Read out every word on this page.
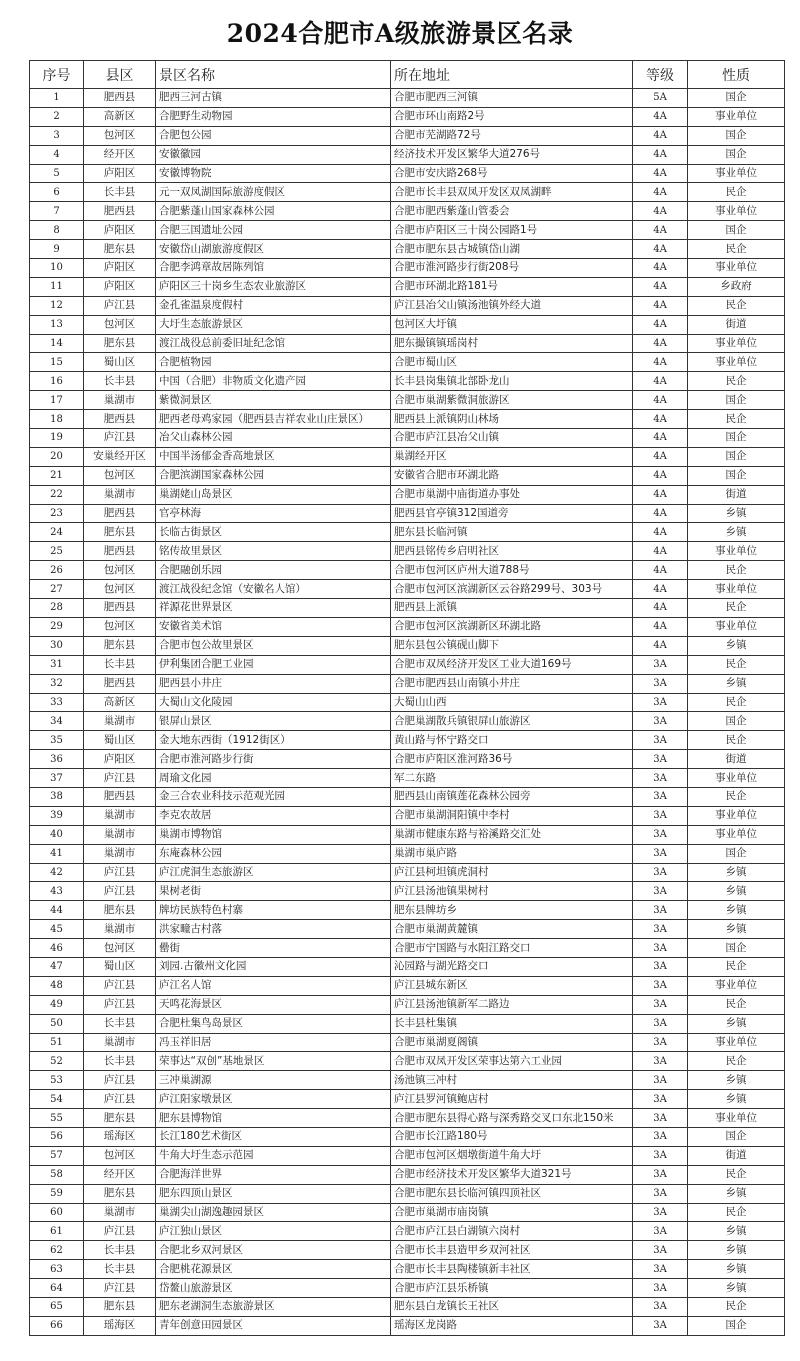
2024合肥市A级旅游景区名录
序号	县区	景区名称	所在地址	等级	性质
1	肥西县	肥西三河古镇	合肥市肥西三河镇	5A	国企
2	高新区	合肥野生动物园	合肥市环山南路2号	4A	事业单位
3	包河区	合肥包公园	合肥市芜湖路72号	4A	国企
4	经开区	安徽徽园	经济技术开发区繁华大道276号	4A	国企
5	庐阳区	安徽博物院	合肥市安庆路268号	4A	事业单位
6	长丰县	元一双凤湖国际旅游度假区	合肥市长丰县双凤开发区双凤湖畔	4A	民企
7	肥西县	合肥紫蓬山国家森林公园	合肥市肥西紫蓬山管委会	4A	事业单位
8	庐阳区	合肥三国遗址公园	合肥市庐阳区三十岗公园路1号	4A	国企
9	肥东县	安徽岱山湖旅游度假区	合肥市肥东县古城镇岱山湖	4A	民企
10	庐阳区	合肥李鸿章故居陈列馆	合肥市淮河路步行街208号	4A	事业单位
11	庐阳区	庐阳区三十岗乡生态农业旅游区	合肥市环湖北路181号	4A	乡政府
12	庐江县	金孔雀温泉度假村	庐江县冶父山镇汤池镇外经大道	4A	民企
13	包河区	大圩生态旅游景区	包河区大圩镇	4A	街道
14	肥东县	渡江战役总前委旧址纪念馆	肥东撮镇镇瑶岗村	4A	事业单位
15	蜀山区	合肥植物园	合肥市蜀山区	4A	事业单位
16	长丰县	中国（合肥）非物质文化遗产园	长丰县岗集镇北部卧龙山	4A	民企
17	巢湖市	紫微洞景区	合肥市巢湖紫微洞旅游区	4A	国企
18	肥西县	肥西老母鸡家园（肥西县吉祥农业山庄景区）	肥西县上派镇阴山林场	4A	民企
19	庐江县	冶父山森林公园	合肥市庐江县冶父山镇	4A	国企
20	安巢经开区	中国半汤郁金香高地景区	巢湖经开区	4A	国企
21	包河区	合肥滨湖国家森林公园	安徽省合肥市环湖北路	4A	国企
22	巢湖市	巢湖姥山岛景区	合肥市巢湖中庙街道办事处	4A	街道
23	肥西县	官亭林海	肥西县官亭镇312国道旁	4A	乡镇
24	肥东县	长临古街景区	肥东县长临河镇	4A	乡镇
25	肥西县	铭传故里景区	肥西县铭传乡启明社区	4A	事业单位
26	包河区	合肥融创乐园	合肥市包河区庐州大道788号	4A	民企
27	包河区	渡江战役纪念馆（安徽名人馆）	合肥市包河区滨湖新区云谷路299号、303号	4A	事业单位
28	肥西县	祥源花世界景区	肥西县上派镇	4A	民企
29	包河区	安徽省美术馆	合肥市包河区滨湖新区环湖北路	4A	事业单位
30	肥东县	合肥市包公故里景区	肥东县包公镇砚山脚下	4A	乡镇
31	长丰县	伊利集团合肥工业园	合肥市双凤经济开发区工业大道169号	3A	民企
32	肥西县	肥西县小井庄	合肥市肥西县山南镇小井庄	3A	乡镇
33	高新区	大蜀山文化陵园	大蜀山山西	3A	民企
34	巢湖市	银屏山景区	合肥巢湖散兵镇银屏山旅游区	3A	国企
35	蜀山区	金大地东西街（1912街区）	黄山路与怀宁路交口	3A	民企
36	庐阳区	合肥市淮河路步行街	合肥市庐阳区淮河路36号	3A	街道
37	庐江县	周瑜文化园	军二东路	3A	事业单位
38	肥西县	金三合农业科技示范观光园	肥西县山南镇莲花森林公园旁	3A	民企
39	巢湖市	李克农故居	合肥市巢湖洞阳镇中李村	3A	事业单位
40	巢湖市	巢湖市博物馆	巢湖市健康东路与裕溪路交汇处	3A	事业单位
41	巢湖市	东庵森林公园	巢湖市巢庐路	3A	国企
42	庐江县	庐江虎洞生态旅游区	庐江县柯坦镇虎洞村	3A	乡镇
43	庐江县	果树老街	庐江县汤池镇果树村	3A	乡镇
44	肥东县	牌坊民族特色村寨	肥东县牌坊乡	3A	乡镇
45	巢湖市	洪家疃古村落	合肥市巢湖黄麓镇	3A	乡镇
46	包河区	罍街	合肥市宁国路与水阳江路交口	3A	国企
47	蜀山区	刘园.古徽州文化园	沁园路与湖光路交口	3A	民企
48	庐江县	庐江名人馆	庐江县城东新区	3A	事业单位
49	庐江县	天鸣花海景区	庐江县汤池镇新军二路边	3A	民企
50	长丰县	合肥杜集鸟岛景区	长丰县杜集镇	3A	乡镇
51	巢湖市	冯玉祥旧居	合肥市巢湖夏阁镇	3A	事业单位
52	长丰县	荣事达“双创”基地景区	合肥市双凤开发区荣事达第六工业园	3A	民企
53	庐江县	三冲巢湖源	汤池镇三冲村	3A	乡镇
54	庐江县	庐江阳家墩景区	庐江县罗河镇鲍店村	3A	乡镇
55	肥东县	肥东县博物馆	合肥市肥东县得心路与深秀路交叉口东北150米	3A	事业单位
56	瑶海区	长江180艺术街区	合肥市长江路180号	3A	国企
57	包河区	牛角大圩生态示范园	合肥市包河区烟墩街道牛角大圩	3A	街道
58	经开区	合肥海洋世界	合肥市经济技术开发区繁华大道321号	3A	民企
59	肥东县	肥东四顶山景区	合肥市肥东县长临河镇四顶社区	3A	乡镇
60	巢湖市	巢湖尖山湖逸趣园景区	合肥市巢湖市庙岗镇	3A	民企
61	庐江县	庐江独山景区	合肥市庐江县白湖镇六岗村	3A	乡镇
62	长丰县	合肥北乡双河景区	合肥市长丰县造甲乡双河社区	3A	乡镇
63	长丰县	合肥桃花源景区	合肥市长丰县陶楼镇新丰社区	3A	乡镇
64	庐江县	岱鳌山旅游景区	合肥市庐江县乐桥镇	3A	乡镇
65	肥东县	肥东老湖洞生态旅游景区	肥东县白龙镇长王社区	3A	民企
66	瑶海区	青年创意田园景区	瑶海区龙岗路	3A	国企
